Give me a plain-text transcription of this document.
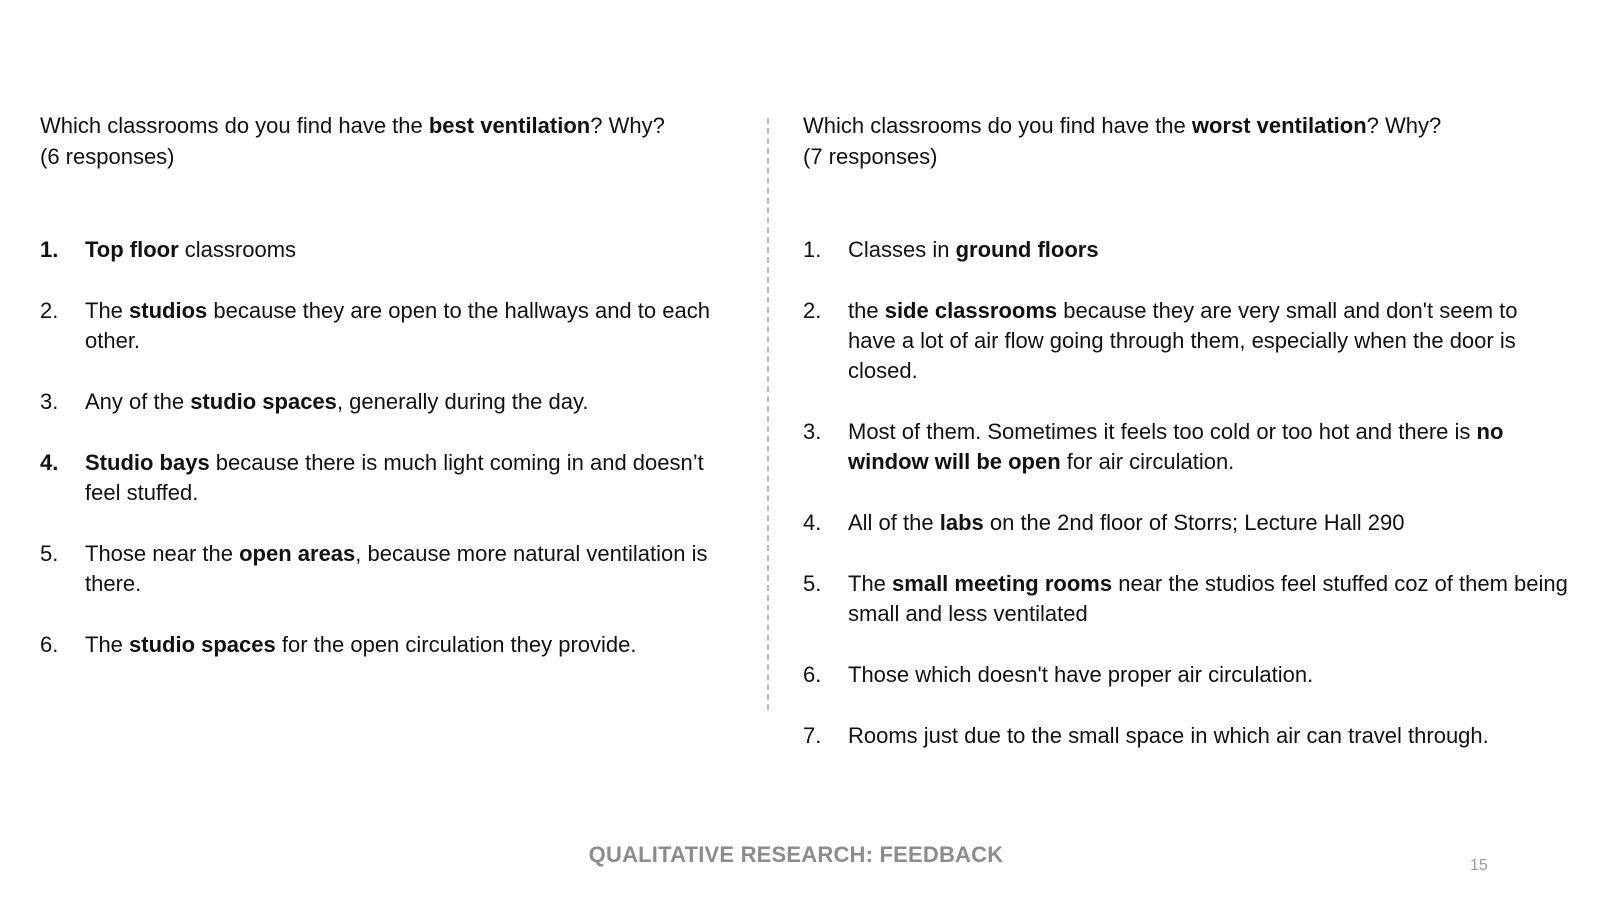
Which classrooms do you find have the best ventilation? Why?

(6 responses)

1. Top floor classrooms
2. The studios because they are open to the hallways and to each other.
3. Any of the studio spaces, generally during the day.
4. Studio bays because there is much light coming in and doesn’t feel stuffed.
5. Those near the open areas, because more natural ventilation is there.
6. The studio spaces for the open circulation they provide.

Which classrooms do you find have the worst ventilation? Why?

(7 responses)

1. Classes in ground floors
2. the side classrooms because they are very small and don't seem to have a lot of air flow going through them, especially when the door is closed.
3. Most of them. Sometimes it feels too cold or too hot and there is no window will be open for air circulation.
4. All of the labs on the 2nd floor of Storrs; Lecture Hall 290
5. The small meeting rooms near the studios feel stuffed coz of them being small and less ventilated
6. Those which doesn't have proper air circulation.
7. Rooms just due to the small space in which air can travel through.
QUALITATIVE RESEARCH: FEEDBACK	15
